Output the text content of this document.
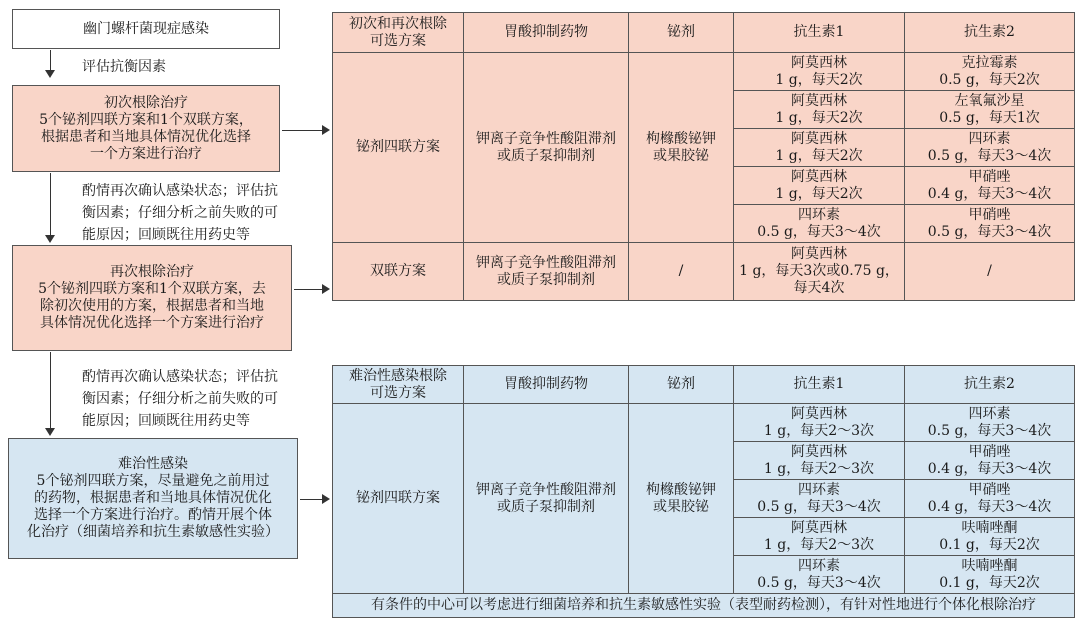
幽门螺杆菌现症感染
评估抗衡因素
初次根除治疗
5个铋剂四联方案和1个双联方案，
根据患者和当地具体情况优化选择
一个方案进行治疗
酌情再次确认感染状态；评估抗
衡因素；仔细分析之前失败的可
能原因；回顾既往用药史等
再次根除治疗
5个铋剂四联方案和1个双联方案，去
除初次使用的方案，根据患者和当地
具体情况优化选择一个方案进行治疗
酌情再次确认感染状态；评估抗
衡因素；仔细分析之前失败的可
能原因；回顾既往用药史等
难治性感染
5个铋剂四联方案，尽量避免之前用过
的药物，根据患者和当地具体情况优化
选择一个方案进行治疗。酌情开展个体
化治疗（细菌培养和抗生素敏感性实验）
初次和再次根除
可选方案	胃酸抑制药物	铋剂	抗生素1	抗生素2

铋剂四联方案	钾离子竞争性酸阻滞剂
或质子泵抑制剂	枸橼酸铋钾
或果胶铋	阿莫西林
1 g，每天2次	克拉霉素
0.5 g，每天2次

			阿莫西林
1 g，每天2次	左氧氟沙星
0.5 g，每天1次

			阿莫西林
1 g，每天2次	四环素
0.5 g，每天3～4次

			阿莫西林
1 g，每天2次	甲硝唑
0.4 g，每天3～4次

			四环素
0.5 g，每天3～4次	甲硝唑
0.5 g，每天3～4次

双联方案	钾离子竞争性酸阻滞剂
或质子泵抑制剂	/	阿莫西林
1 g，每天3次或0.75 g，
每天4次	/
难治性感染根除
可选方案	胃酸抑制药物	铋剂	抗生素1	抗生素2

铋剂四联方案	钾离子竞争性酸阻滞剂
或质子泵抑制剂	枸橼酸铋钾
或果胶铋	阿莫西林
1 g，每天2～3次	四环素
0.5 g，每天3～4次

			阿莫西林
1 g，每天2～3次	甲硝唑
0.4 g，每天3～4次

			四环素
0.5 g，每天3～4次	甲硝唑
0.4 g，每天3～4次

			阿莫西林
1 g，每天2～3次	呋喃唑酮
0.1 g，每天2次

			四环素
0.5 g，每天3～4次	呋喃唑酮
0.1 g，每天2次

有条件的中心可以考虑进行细菌培养和抗生素敏感性实验（表型耐药检测），有针对性地进行个体化根除治疗				
